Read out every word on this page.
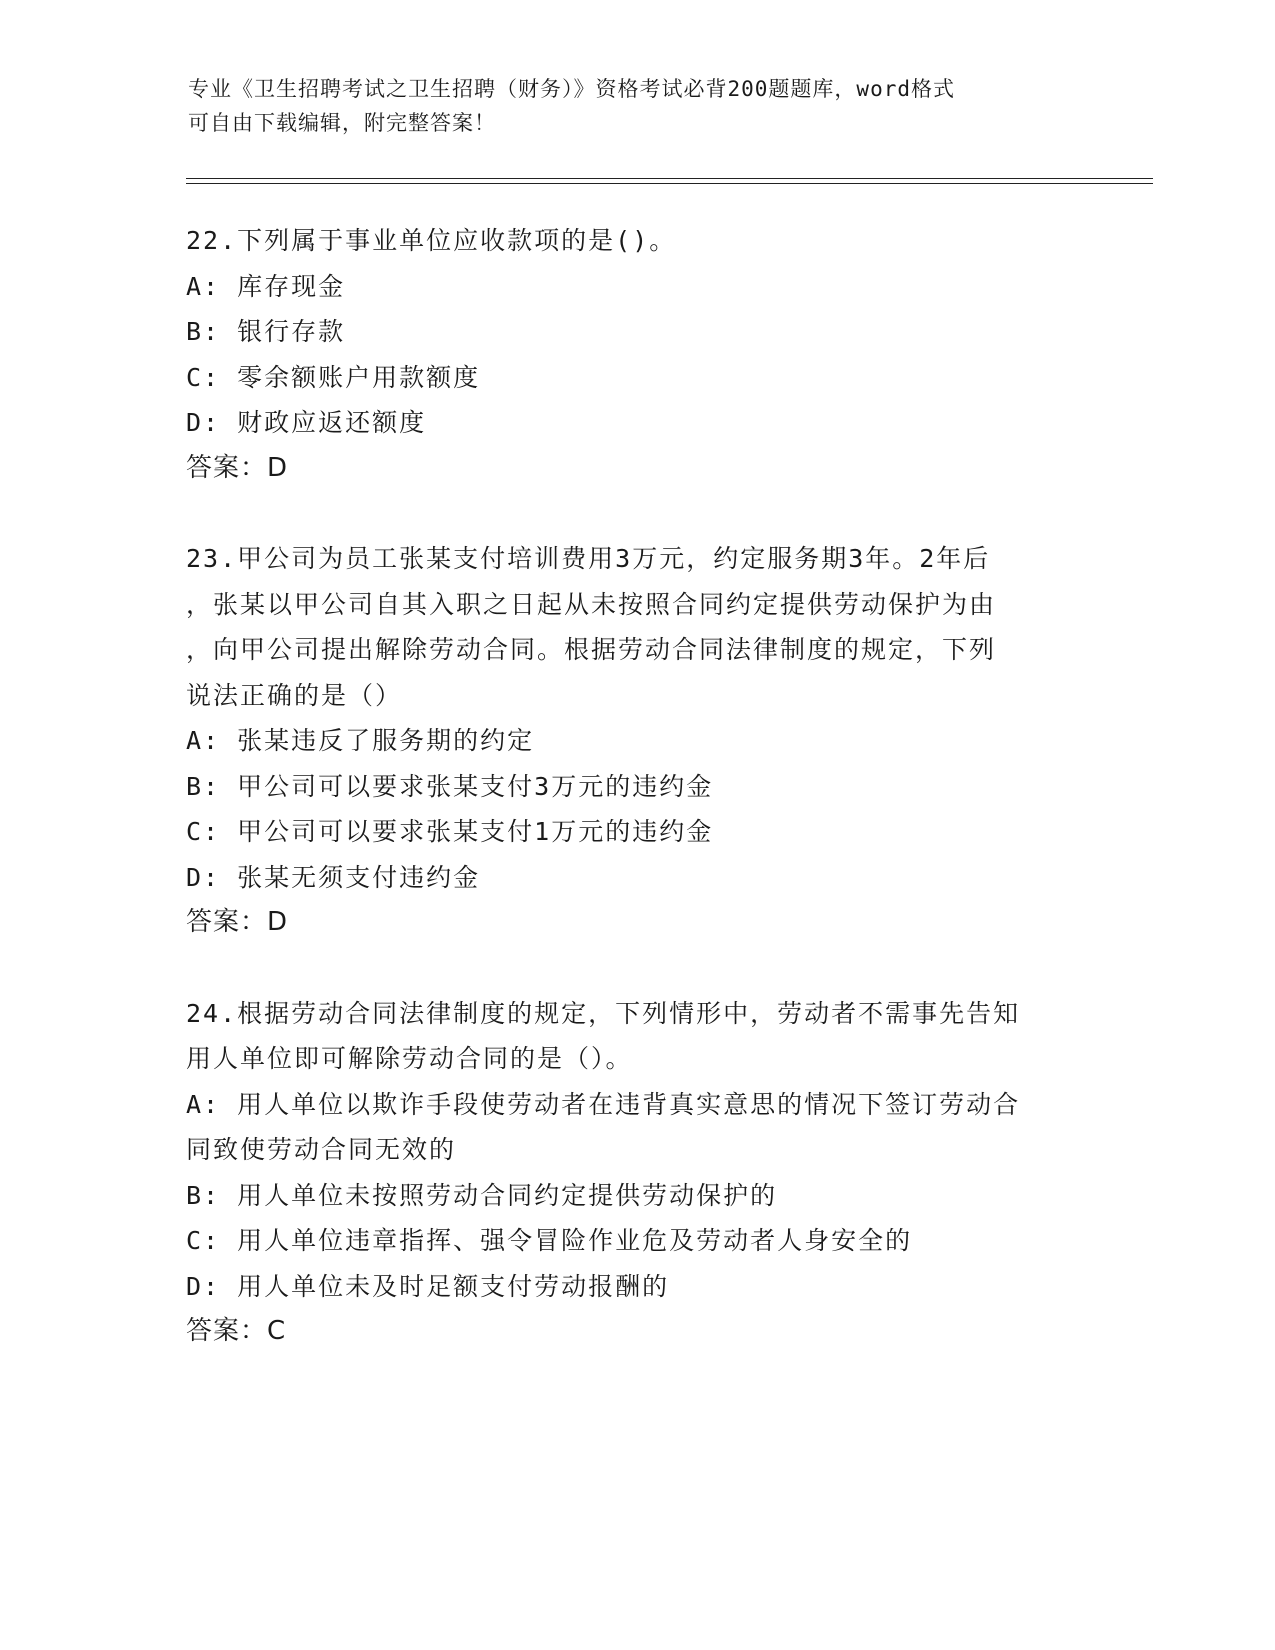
专业《卫生招聘考试之卫生招聘（财务）》资格考试必背200题题库，word格式
可自由下载编辑，附完整答案！
22.下列属于事业单位应收款项的是()。
A: 库存现金
B: 银行存款
C: 零余额账户用款额度
D: 财政应返还额度
答案：D
23.甲公司为员工张某支付培训费用3万元，约定服务期3年。2年后
，张某以甲公司自其入职之日起从未按照合同约定提供劳动保护为由
，向甲公司提出解除劳动合同。根据劳动合同法律制度的规定，下列
说法正确的是（）
A: 张某违反了服务期的约定
B: 甲公司可以要求张某支付3万元的违约金
C: 甲公司可以要求张某支付1万元的违约金
D: 张某无须支付违约金
答案：D
24.根据劳动合同法律制度的规定，下列情形中，劳动者不需事先告知
用人单位即可解除劳动合同的是（）。
A: 用人单位以欺诈手段使劳动者在违背真实意思的情况下签订劳动合
同致使劳动合同无效的
B: 用人单位未按照劳动合同约定提供劳动保护的
C: 用人单位违章指挥、强令冒险作业危及劳动者人身安全的
D: 用人单位未及时足额支付劳动报酬的
答案：C
